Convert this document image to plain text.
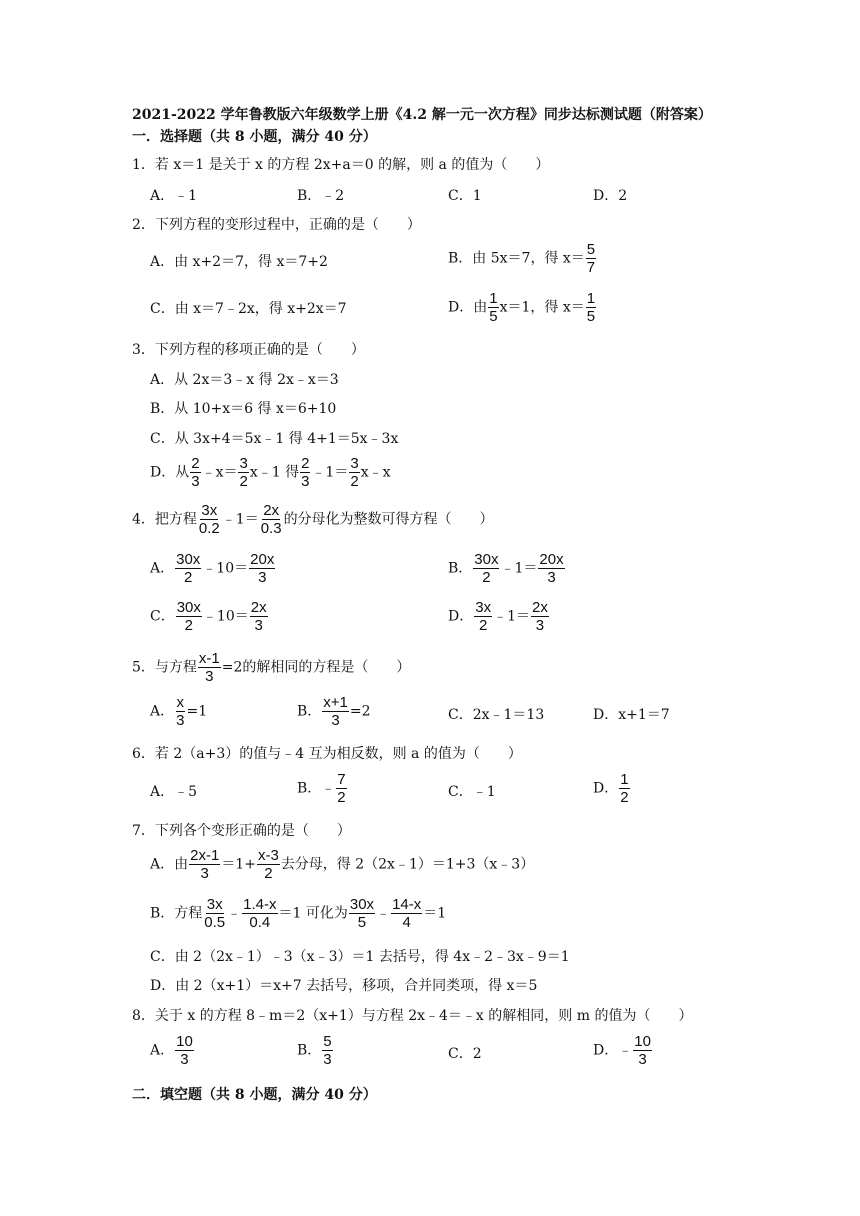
2021-2022 学年鲁教版六年级数学上册《4.2 解一元一次方程》同步达标测试题（附答案）
一．选择题（共 8 小题，满分 40 分）
1．若 x＝1 是关于 x 的方程 2x+a＝0 的解，则 a 的值为（　　）
A．﹣1	B．﹣2	C．1	D．2
2．下列方程的变形过程中，正确的是（　　）
A．由 x+2＝7，得 x＝7+2	B．由 5x＝7，得 $x= \frac{5}{7}$
C．由 x＝7﹣2x，得 x+2x＝7	D．由 $\frac{1}{5} x=1$，得 $x= \frac{1}{5}$
3．下列方程的移项正确的是（　　）
A．从 2x＝3﹣x 得 2x﹣x＝3
B．从 10+x＝6 得 x＝6+10
C．从 3x+4＝5x﹣1 得 4+1＝5x﹣3x
D．从 $\frac{2}{3}$ ﹣x＝ $\frac{3}{2}$ x﹣1 得 $\frac{2}{3}$ ﹣1＝ $\frac{3}{2}$ x﹣x
4．把方程 $\frac{3x}{0.2}$ ﹣1＝ $\frac{2x}{0.3}$ 的分母化为整数可得方程（　　）
A． $\frac{30x}{2}$ ﹣10＝ $\frac{20x}{3}$	B． $\frac{30x}{2}$ ﹣1＝ $\frac{20x}{3}$
C． $\frac{30x}{2}$ ﹣10＝ $\frac{2x}{3}$	D． $\frac{3x}{2}$ ﹣1＝ $\frac{2x}{3}$
5．与方程 $\frac{x-1}{3} =2$的解相同的方程是（　　）
A． $\frac{x}{3} =1$	B． $\frac{x+1}{3} =2$	C．2x﹣1＝13	D．x+1＝7
6．若 2（a+3）的值与﹣4 互为相反数，则 a 的值为（　　）
A．﹣5	B．﹣ $\frac{7}{2}$	C．﹣1	D． $\frac{1}{2}$
7．下列各个变形正确的是（　　）
A．由 $\frac{2x-1}{3} =1+ \frac{x-3}{2}$ 去分母，得 2（2x﹣1）＝1+3（x﹣3）
B．方程 $\frac{3x}{0.5}$ ﹣ $\frac{1.4-x}{0.4} =1$ 可化为 $\frac{30x}{5}$ ﹣ $\frac{14-x}{4} =1$
C．由 2（2x﹣1）﹣3（x﹣3）＝1 去括号，得 4x﹣2﹣3x﹣9＝1
D．由 2（x+1）＝x+7 去括号，移项，合并同类项，得 x＝5
8．关于 x 的方程 8﹣m＝2（x+1）与方程 2x﹣4＝﹣x 的解相同，则 m 的值为（　　）
A． $\frac{10}{3}$	B． $\frac{5}{3}$	C．2	D．﹣ $\frac{10}{3}$
二．填空题（共 8 小题，满分 40 分）
